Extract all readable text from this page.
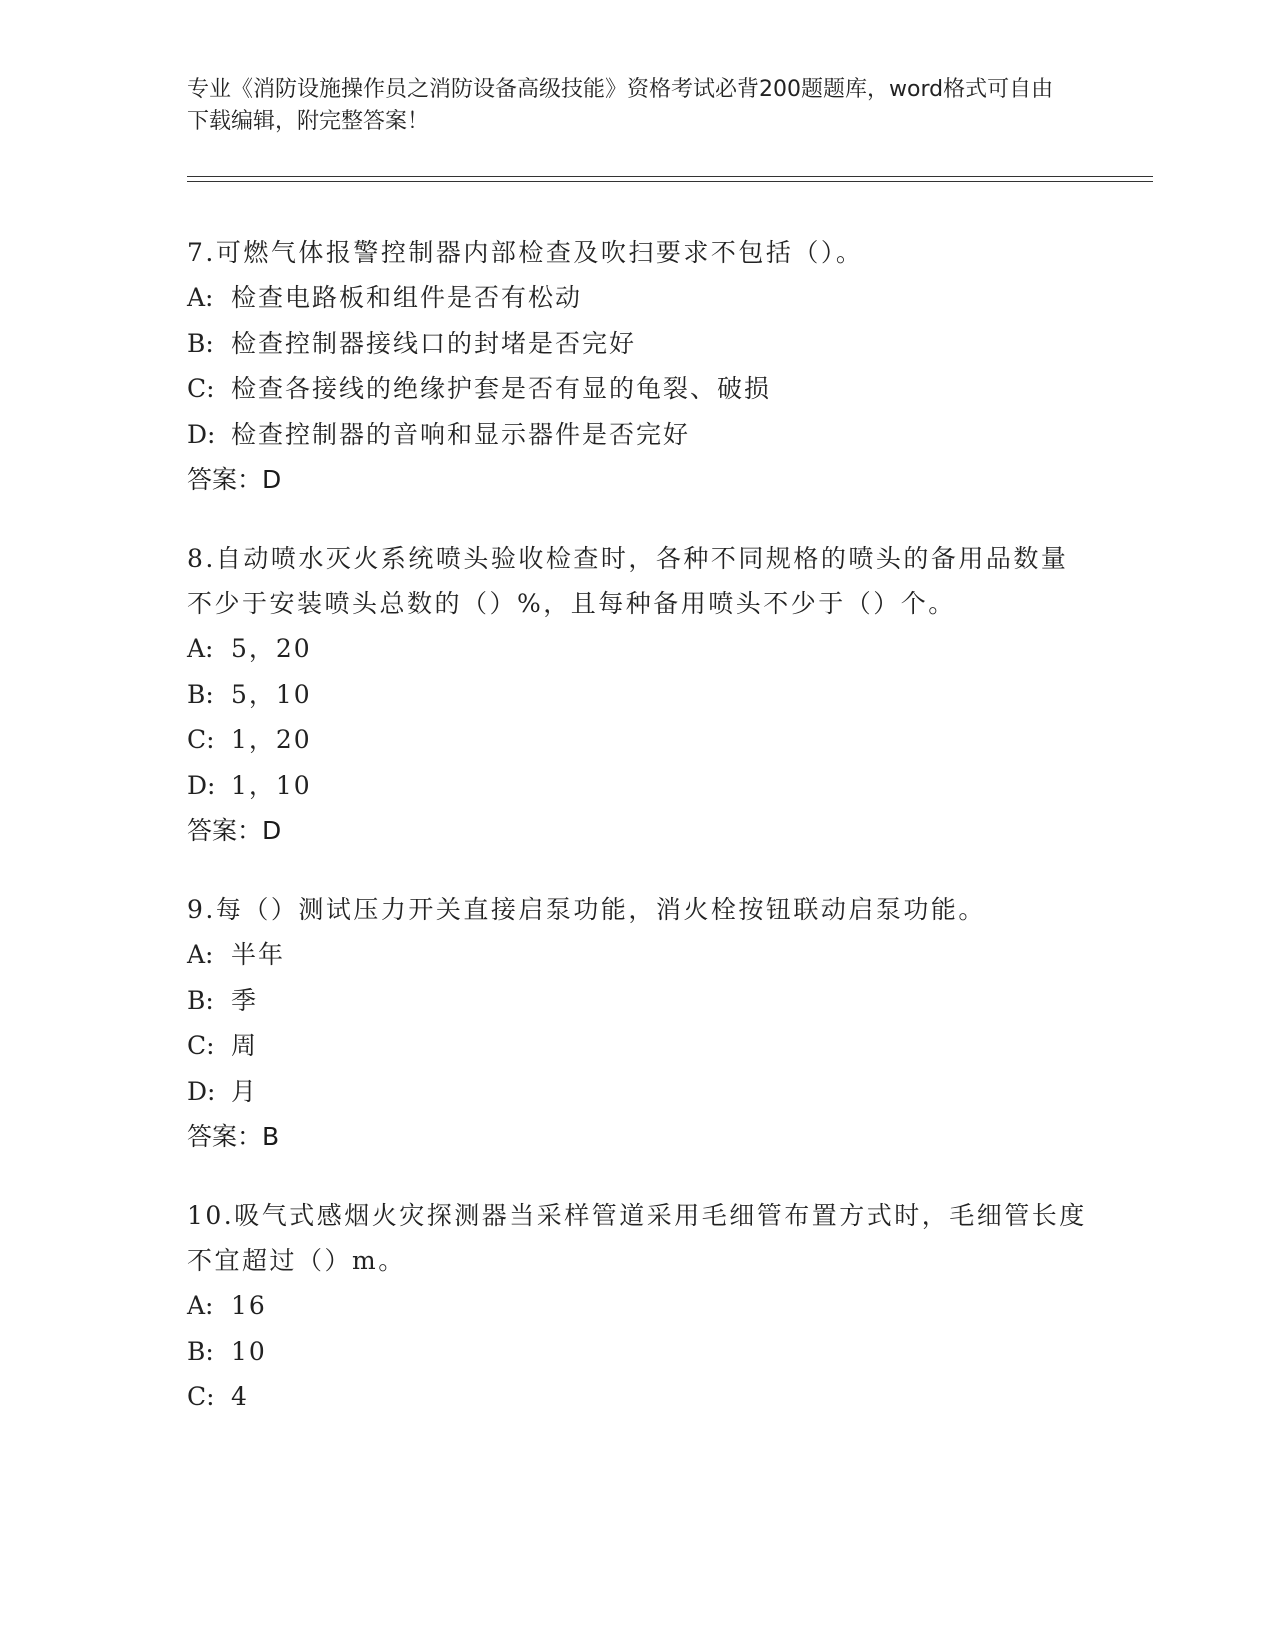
专业《消防设施操作员之消防设备高级技能》资格考试必背200题题库，word格式可自由下载编辑，附完整答案！

7.可燃气体报警控制器内部检查及吹扫要求不包括（）。

A: 检查电路板和组件是否有松动

B: 检查控制器接线口的封堵是否完好

C: 检查各接线的绝缘护套是否有显的龟裂、破损

D: 检查控制器的音响和显示器件是否完好

答案：D

8.自动喷水灭火系统喷头验收检查时，各种不同规格的喷头的备用品数量不少于安装喷头总数的（）%，且每种备用喷头不少于（）个。

A: 5，20

B: 5，10

C: 1，20

D: 1，10

答案：D

9.每（）测试压力开关直接启泵功能，消火栓按钮联动启泵功能。

A: 半年

B: 季

C: 周

D: 月

答案：B

10.吸气式感烟火灾探测器当采样管道采用毛细管布置方式时，毛细管长度不宜超过（）m。

A: 16

B: 10

C: 4
